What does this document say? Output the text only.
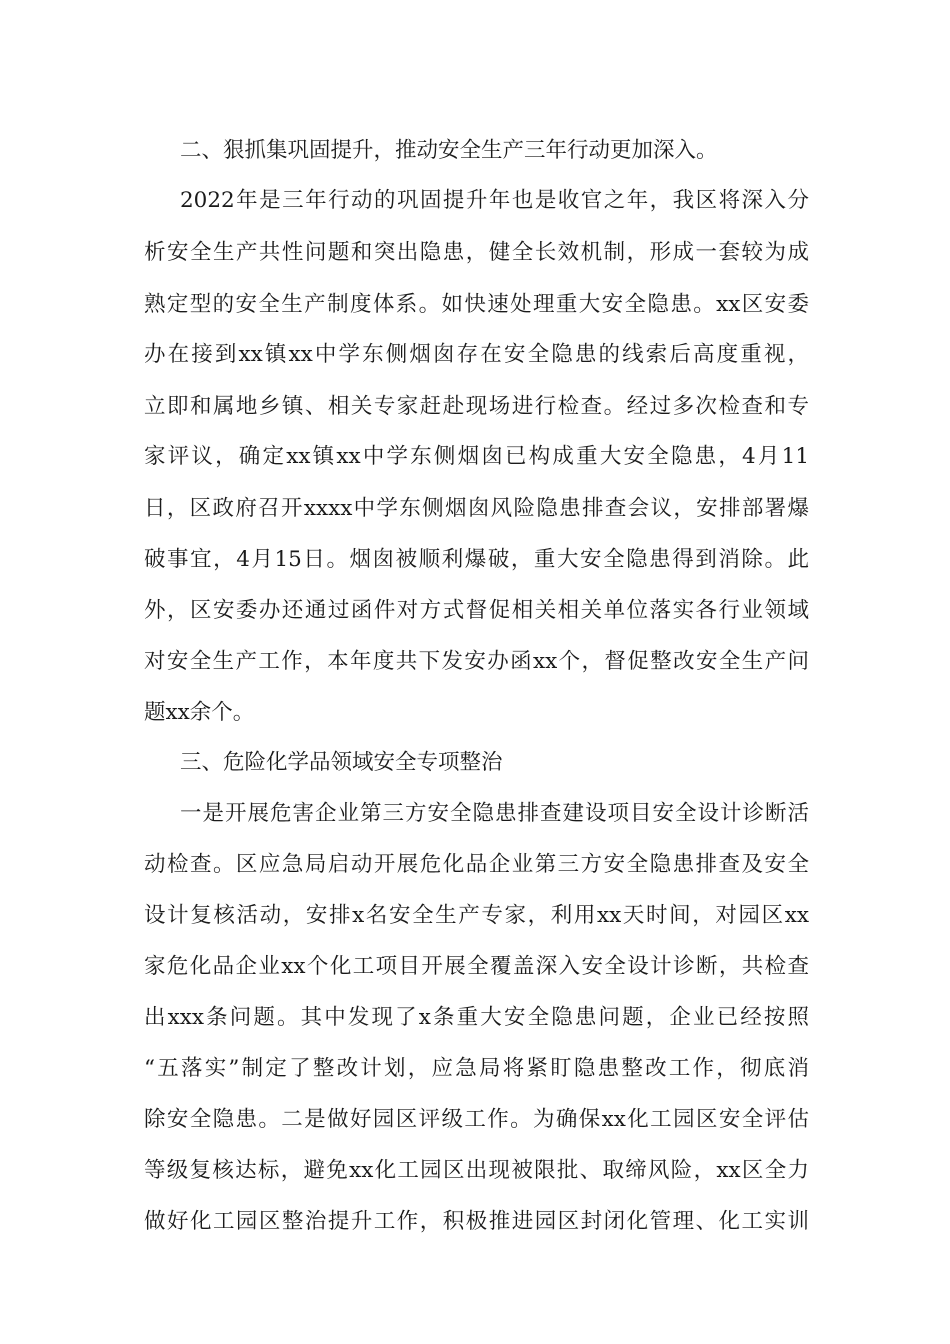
二、狠抓集巩固提升，推动安全生产三年行动更加深入。
2022年是三年行动的巩固提升年也是收官之年，我区将深入分
析安全生产共性问题和突出隐患，健全长效机制，形成一套较为成
熟定型的安全生产制度体系。如快速处理重大安全隐患。xx区安委
办在接到xx镇xx中学东侧烟囱存在安全隐患的线索后高度重视，
立即和属地乡镇、相关专家赶赴现场进行检查。经过多次检查和专
家评议，确定xx镇xx中学东侧烟囱已构成重大安全隐患，4月11
日，区政府召开xxxx中学东侧烟囱风险隐患排查会议，安排部署爆
破事宜，4月15日。烟囱被顺利爆破，重大安全隐患得到消除。此
外，区安委办还通过函件对方式督促相关相关单位落实各行业领域
对安全生产工作，本年度共下发安办函xx个，督促整改安全生产问
题xx余个。
三、危险化学品领域安全专项整治
一是开展危害企业第三方安全隐患排查建设项目安全设计诊断活
动检查。区应急局启动开展危化品企业第三方安全隐患排查及安全
设计复核活动，安排x名安全生产专家，利用xx天时间，对园区xx
家危化品企业xx个化工项目开展全覆盖深入安全设计诊断，共检查
出xxx条问题。其中发现了x条重大安全隐患问题，企业已经按照
“五落实”制定了整改计划，应急局将紧盯隐患整改工作，彻底消
除安全隐患。二是做好园区评级工作。为确保xx化工园区安全评估
等级复核达标，避免xx化工园区出现被限批、取缔风险，xx区全力
做好化工园区整治提升工作，积极推进园区封闭化管理、化工实训
